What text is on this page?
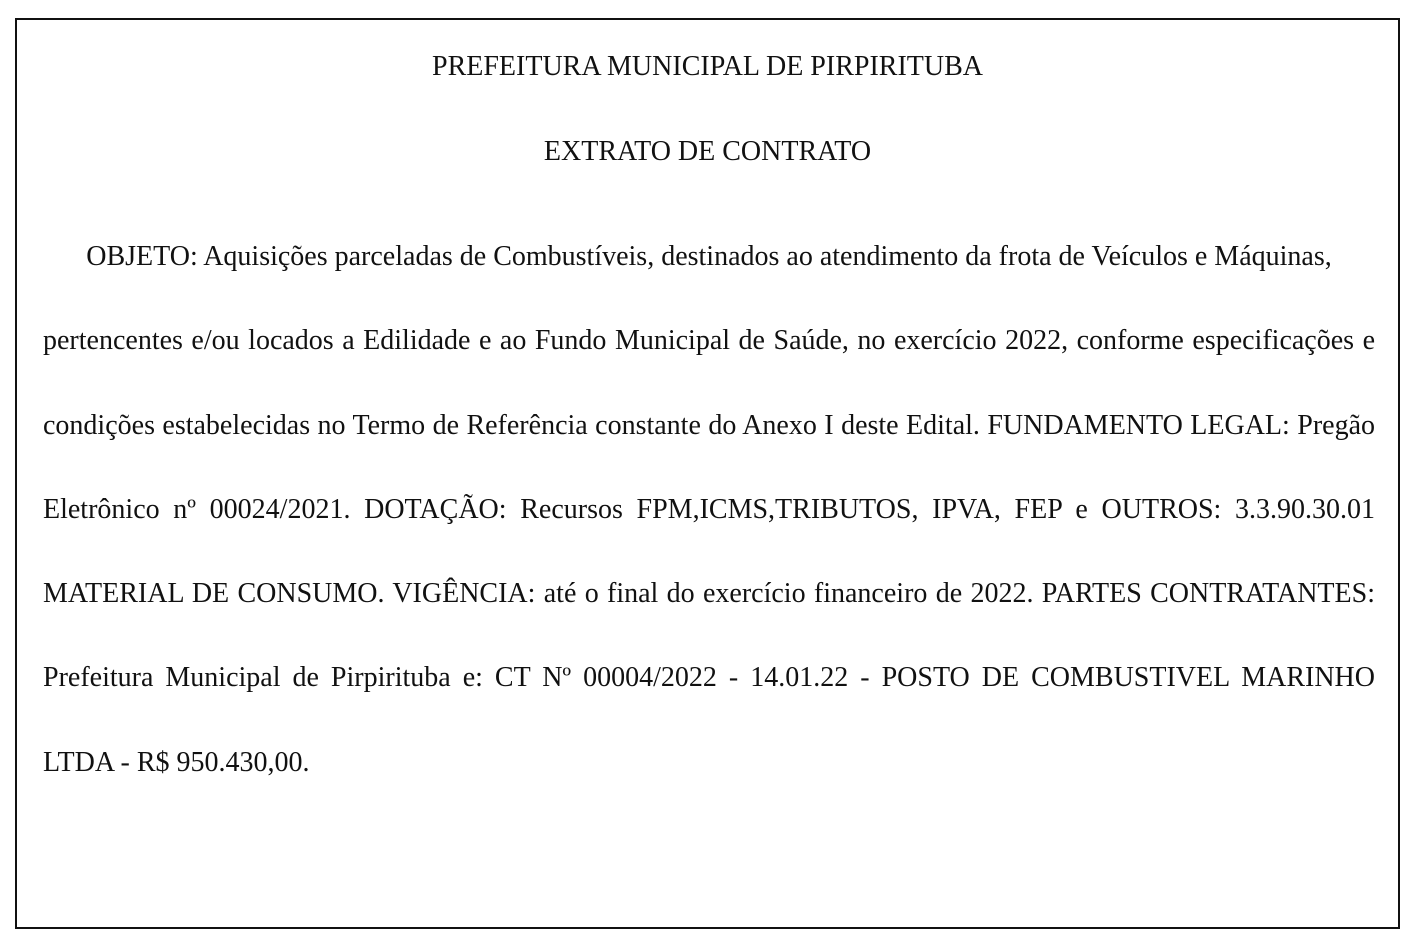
PREFEITURA MUNICIPAL DE PIRPIRITUBA
EXTRATO DE CONTRATO

OBJETO: Aquisições parceladas de Combustíveis, destinados ao atendimento da frota de Veículos e Máquinas,
pertencentes e/ou locados a Edilidade e ao Fundo Municipal de Saúde, no exercício 2022, conforme especificações e condições estabelecidas no Termo de Referência constante do Anexo I deste Edital. FUNDAMENTO LEGAL: Pregão Eletrônico nº 00024/2021. DOTAÇÃO: Recursos FPM,ICMS,TRIBUTOS, IPVA, FEP e OUTROS: 3.3.90.30.01 MATERIAL DE CONSUMO. VIGÊNCIA: até o final do exercício financeiro de 2022. PARTES CONTRATANTES: Prefeitura Municipal de Pirpirituba e: CT Nº 00004/2022 - 14.01.22 - POSTO DE COMBUSTIVEL MARINHO LTDA - R$ 950.430,00.
